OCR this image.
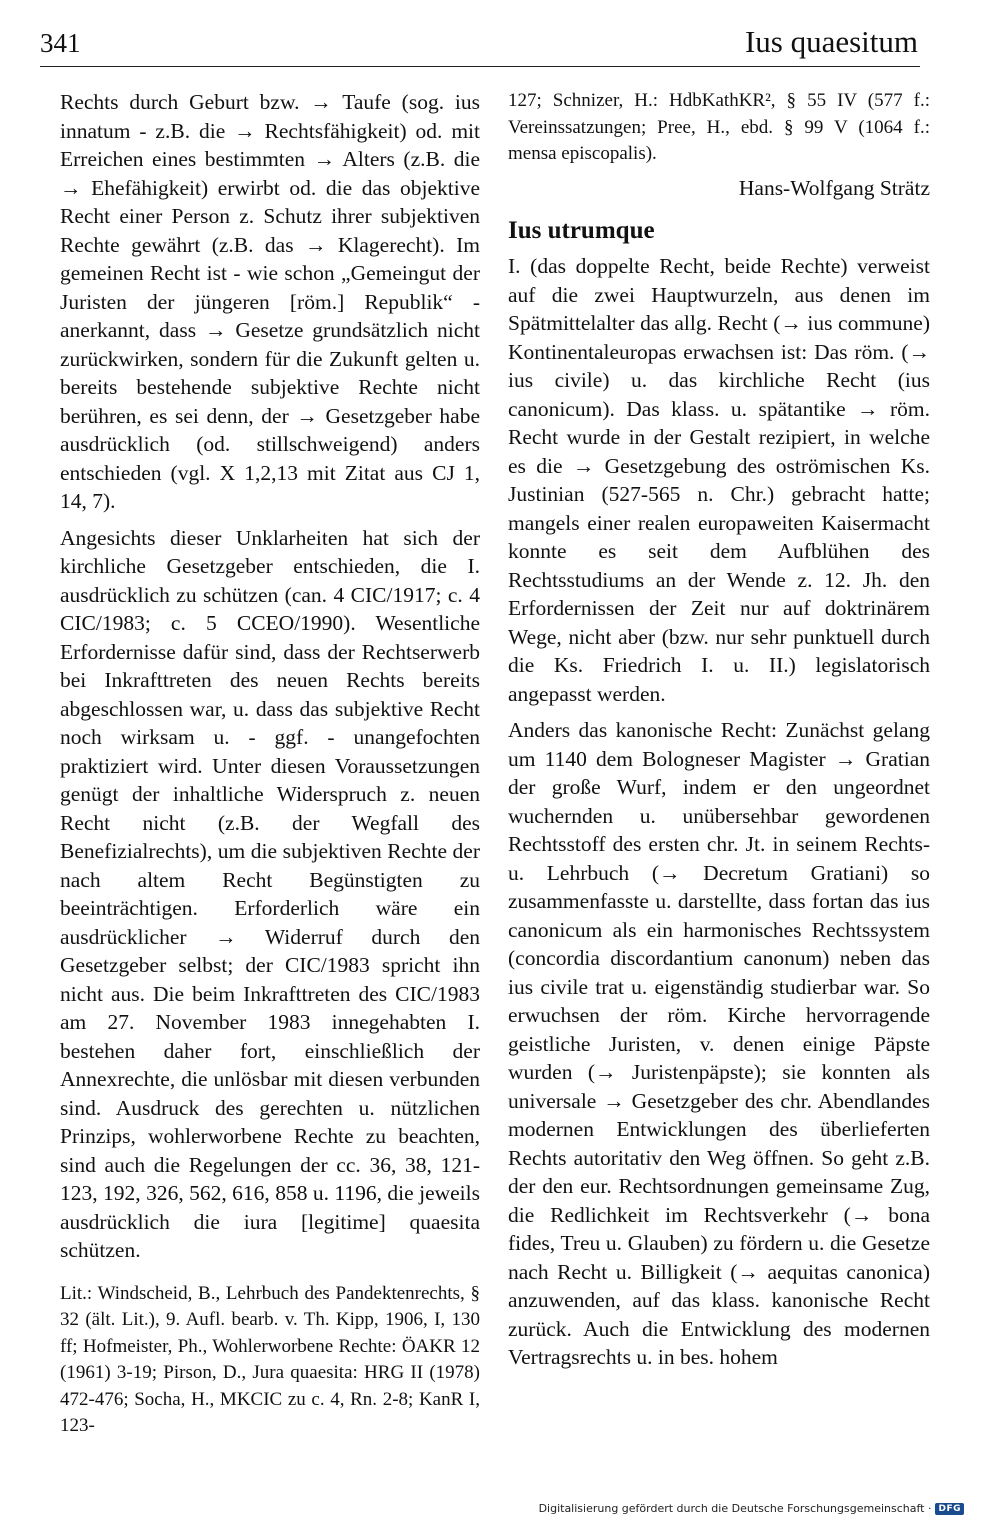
341	Ius quaesitum

Rechts durch Geburt bzw. → Taufe (sog. ius innatum - z.B. die → Rechtsfähigkeit) od. mit Erreichen eines bestimmten → Alters (z.B. die → Ehefähigkeit) erwirbt od. die das objektive Recht einer Person z. Schutz ihrer subjektiven Rechte gewährt (z.B. das → Klagerecht). Im gemeinen Recht ist - wie schon „Gemeingut der Juristen der jüngeren [röm.] Republik“ - anerkannt, dass → Gesetze grundsätzlich nicht zurückwirken, sondern für die Zukunft gelten u. bereits bestehende subjektive Rechte nicht berühren, es sei denn, der → Gesetzgeber habe ausdrücklich (od. stillschweigend) anders entschieden (vgl. X 1,2,13 mit Zitat aus CJ 1, 14, 7).

Angesichts dieser Unklarheiten hat sich der kirchliche Gesetzgeber entschieden, die I. ausdrücklich zu schützen (can. 4 CIC/1917; c. 4 CIC/1983; c. 5 CCEO/1990). Wesentliche Erfordernisse dafür sind, dass der Rechtserwerb bei Inkrafttreten des neuen Rechts bereits abgeschlossen war, u. dass das subjektive Recht noch wirksam u. - ggf. - unangefochten praktiziert wird. Unter diesen Voraussetzungen genügt der inhaltliche Widerspruch z. neuen Recht nicht (z.B. der Wegfall des Benefizialrechts), um die subjektiven Rechte der nach altem Recht Begünstigten zu beeinträchtigen. Erforderlich wäre ein ausdrücklicher → Widerruf durch den Gesetzgeber selbst; der CIC/1983 spricht ihn nicht aus. Die beim Inkrafttreten des CIC/1983 am 27. November 1983 innegehabten I. bestehen daher fort, einschließlich der Annexrechte, die unlösbar mit diesen verbunden sind. Ausdruck des gerechten u. nützlichen Prinzips, wohlerworbene Rechte zu beachten, sind auch die Regelungen der cc. 36, 38, 121-123, 192, 326, 562, 616, 858 u. 1196, die jeweils ausdrücklich die iura [legitime] quaesita schützen.

Lit.: Windscheid, B., Lehrbuch des Pandektenrechts, § 32 (ält. Lit.), 9. Aufl. bearb. v. Th. Kipp, 1906, I, 130 ff; Hofmeister, Ph., Wohlerworbene Rechte: ÖAKR 12 (1961) 3-19; Pirson, D., Jura quaesita: HRG II (1978) 472-476; Socha, H., MKCIC zu c. 4, Rn. 2-8; KanR I, 123-

127; Schnizer, H.: HdbKathKR², § 55 IV (577 f.: Vereinssatzungen; Pree, H., ebd. § 99 V (1064 f.: mensa episcopalis).

Hans-Wolfgang Strätz

Ius utrumque

I. (das doppelte Recht, beide Rechte) verweist auf die zwei Hauptwurzeln, aus denen im Spätmittelalter das allg. Recht (→ ius commune) Kontinentaleuropas erwachsen ist: Das röm. (→ ius civile) u. das kirchliche Recht (ius canonicum). Das klass. u. spätantike → röm. Recht wurde in der Gestalt rezipiert, in welche es die → Gesetzgebung des oströmischen Ks. Justinian (527-565 n. Chr.) gebracht hatte; mangels einer realen europaweiten Kaisermacht konnte es seit dem Aufblühen des Rechtsstudiums an der Wende z. 12. Jh. den Erfordernissen der Zeit nur auf doktrinärem Wege, nicht aber (bzw. nur sehr punktuell durch die Ks. Friedrich I. u. II.) legislatorisch angepasst werden.

Anders das kanonische Recht: Zunächst gelang um 1140 dem Bologneser Magister → Gratian der große Wurf, indem er den ungeordnet wuchernden u. unübersehbar gewordenen Rechtsstoff des ersten chr. Jt. in seinem Rechts- u. Lehrbuch (→ Decretum Gratiani) so zusammenfasste u. darstellte, dass fortan das ius canonicum als ein harmonisches Rechtssystem (concordia discordantium canonum) neben das ius civile trat u. eigenständig studierbar war. So erwuchsen der röm. Kirche hervorragende geistliche Juristen, v. denen einige Päpste wurden (→ Juristenpäpste); sie konnten als universale → Gesetzgeber des chr. Abendlandes modernen Entwicklungen des überlieferten Rechts autoritativ den Weg öffnen. So geht z.B. der den eur. Rechtsordnungen gemeinsame Zug, die Redlichkeit im Rechtsverkehr (→ bona fides, Treu u. Glauben) zu fördern u. die Gesetze nach Recht u. Billigkeit (→ aequitas canonica) anzuwenden, auf das klass. kanonische Recht zurück. Auch die Entwicklung des modernen Vertragsrechts u. in bes. hohem

Digitalisierung gefördert durch die Deutsche Forschungsgemeinschaft · DFG
